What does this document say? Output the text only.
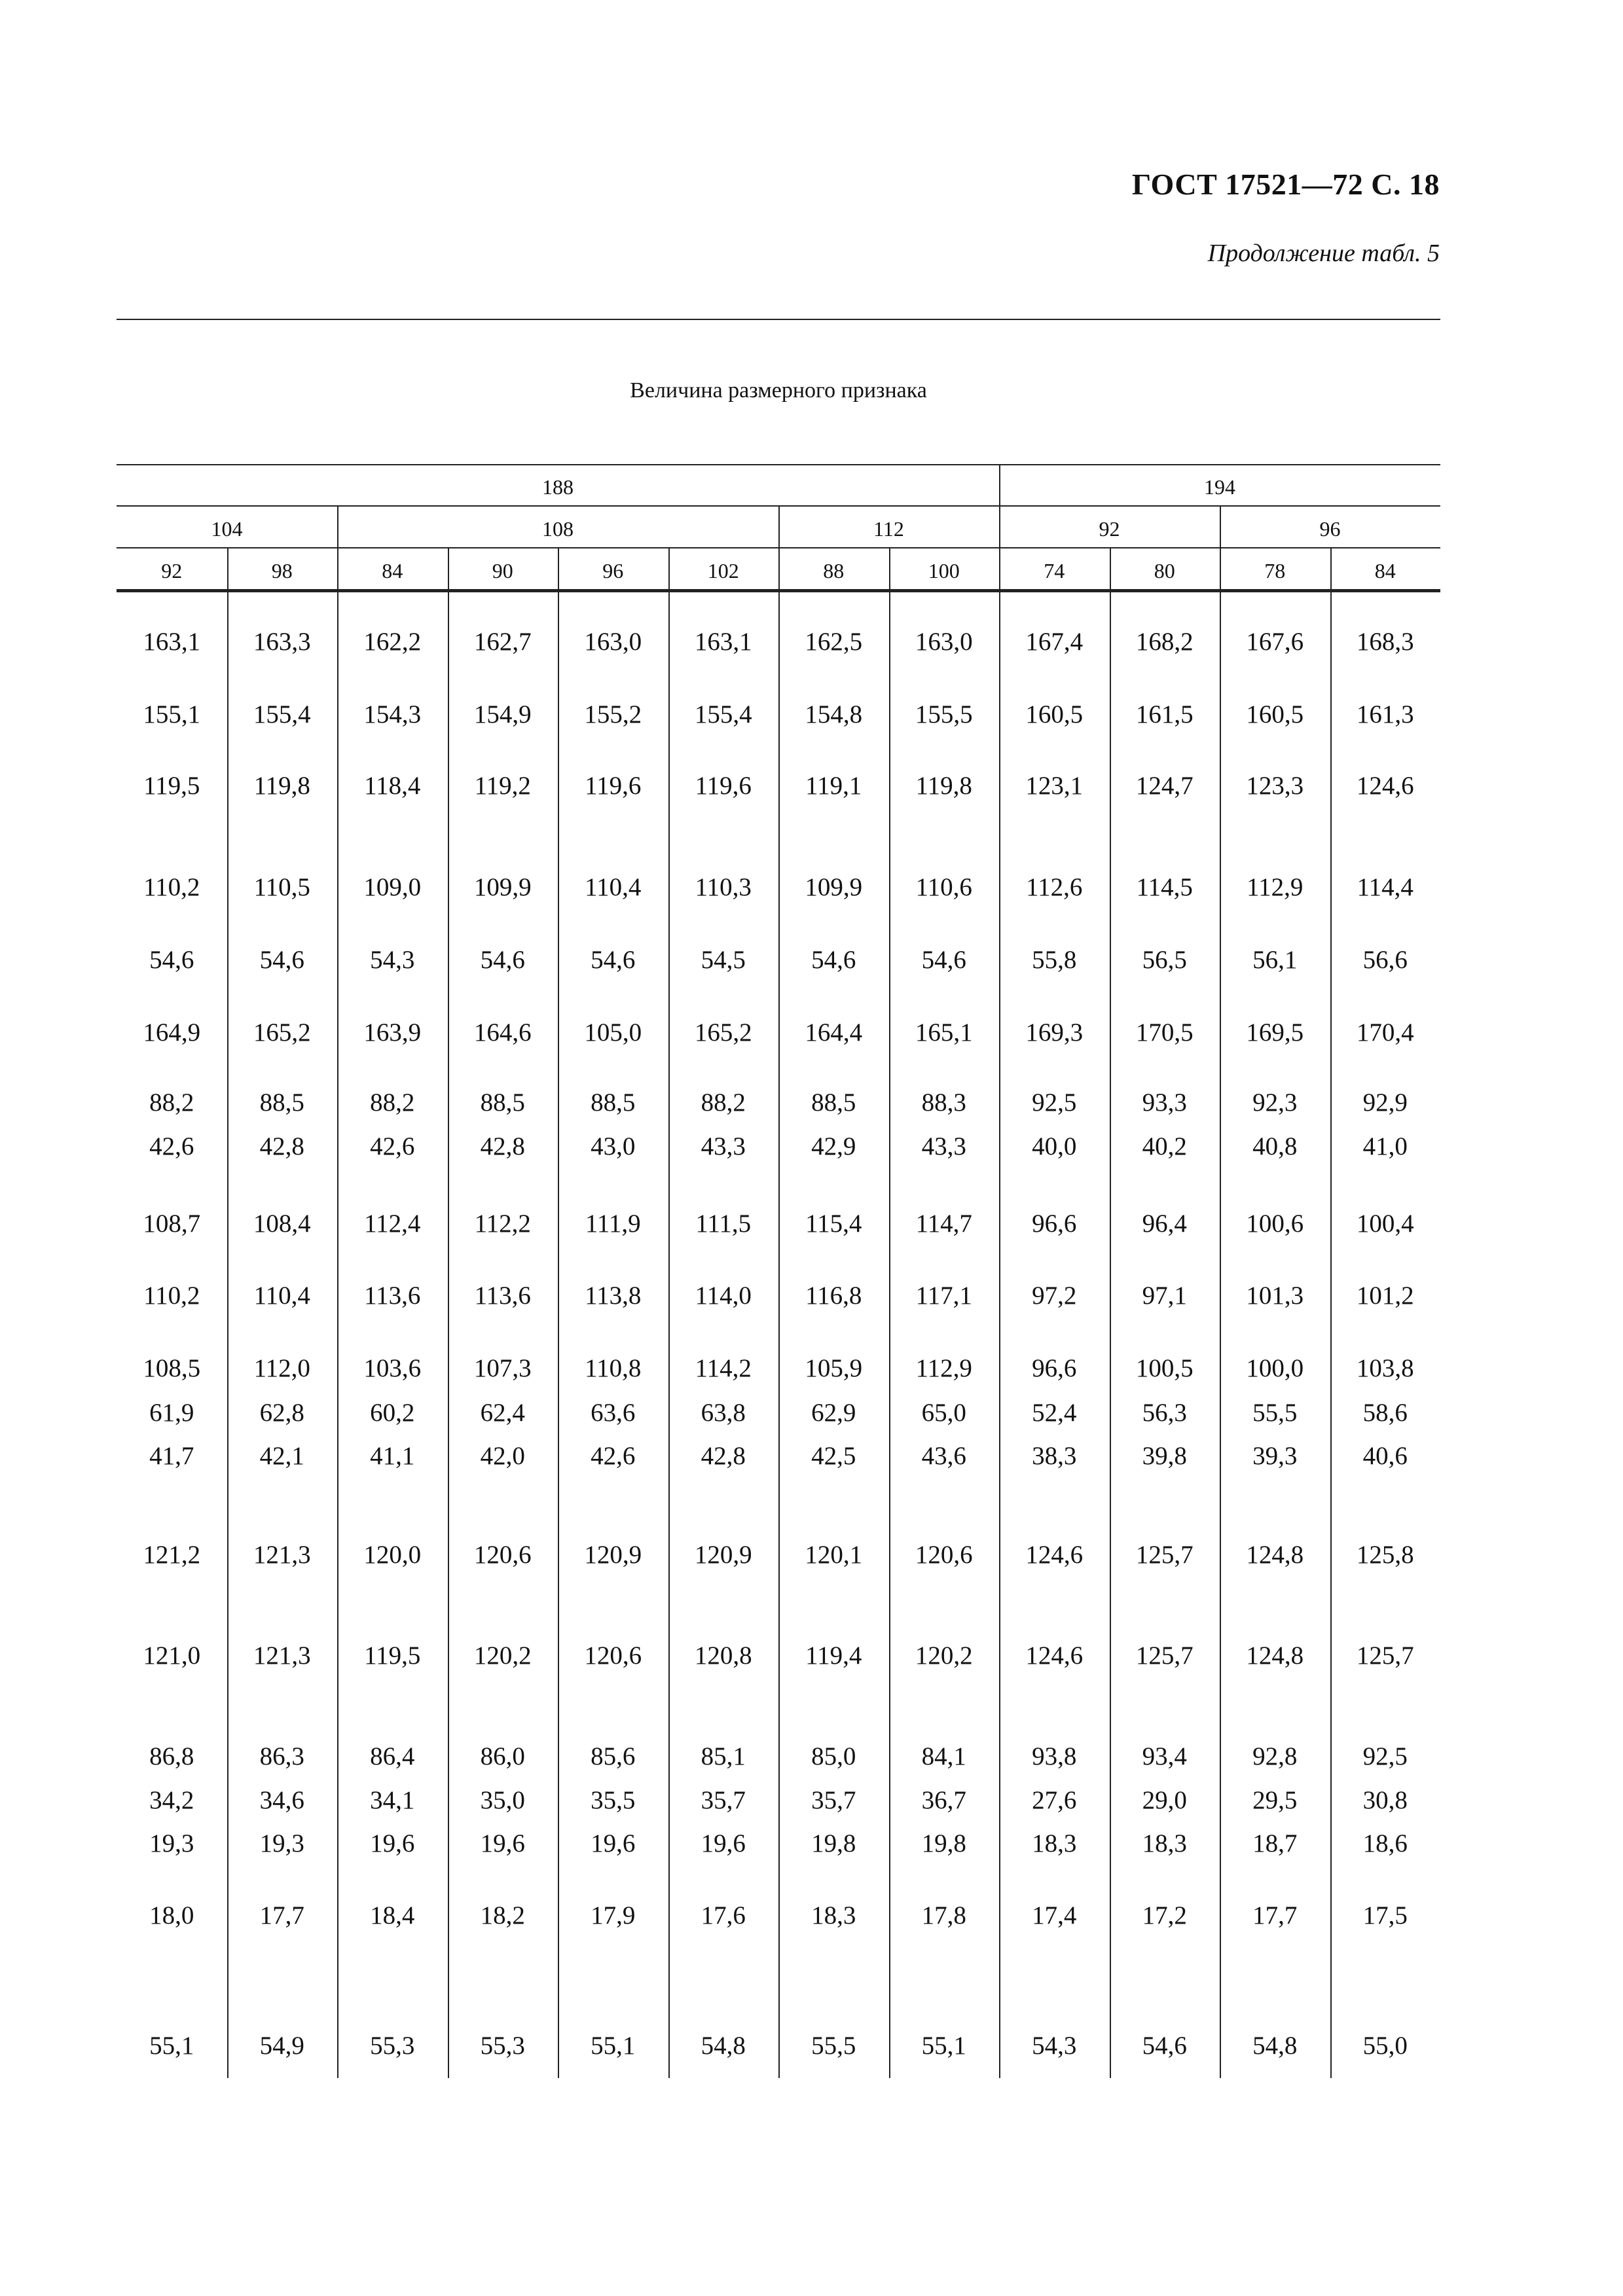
ГОСТ 17521—72 С. 18
Продолжение табл. 5
Величина размерного признака
188	194
104	108	112	92	96
92	98	84	90	96	102	88	100	74	80	78	84
163,1	163,3	162,2	162,7	163,0	163,1	162,5	163,0	167,4	168,2	167,6	168,3
155,1	155,4	154,3	154,9	155,2	155,4	154,8	155,5	160,5	161,5	160,5	161,3
119,5	119,8	118,4	119,2	119,6	119,6	119,1	119,8	123,1	124,7	123,3	124,6
110,2	110,5	109,0	109,9	110,4	110,3	109,9	110,6	112,6	114,5	112,9	114,4
54,6	54,6	54,3	54,6	54,6	54,5	54,6	54,6	55,8	56,5	56,1	56,6
164,9	165,2	163,9	164,6	105,0	165,2	164,4	165,1	169,3	170,5	169,5	170,4
88,2	88,5	88,2	88,5	88,5	88,2	88,5	88,3	92,5	93,3	92,3	92,9
42,6	42,8	42,6	42,8	43,0	43,3	42,9	43,3	40,0	40,2	40,8	41,0
108,7	108,4	112,4	112,2	111,9	111,5	115,4	114,7	96,6	96,4	100,6	100,4
110,2	110,4	113,6	113,6	113,8	114,0	116,8	117,1	97,2	97,1	101,3	101,2
108,5	112,0	103,6	107,3	110,8	114,2	105,9	112,9	96,6	100,5	100,0	103,8
61,9	62,8	60,2	62,4	63,6	63,8	62,9	65,0	52,4	56,3	55,5	58,6
41,7	42,1	41,1	42,0	42,6	42,8	42,5	43,6	38,3	39,8	39,3	40,6
121,2	121,3	120,0	120,6	120,9	120,9	120,1	120,6	124,6	125,7	124,8	125,8
121,0	121,3	119,5	120,2	120,6	120,8	119,4	120,2	124,6	125,7	124,8	125,7
86,8	86,3	86,4	86,0	85,6	85,1	85,0	84,1	93,8	93,4	92,8	92,5
34,2	34,6	34,1	35,0	35,5	35,7	35,7	36,7	27,6	29,0	29,5	30,8
19,3	19,3	19,6	19,6	19,6	19,6	19,8	19,8	18,3	18,3	18,7	18,6
18,0	17,7	18,4	18,2	17,9	17,6	18,3	17,8	17,4	17,2	17,7	17,5
55,1	54,9	55,3	55,3	55,1	54,8	55,5	55,1	54,3	54,6	54,8	55,0
